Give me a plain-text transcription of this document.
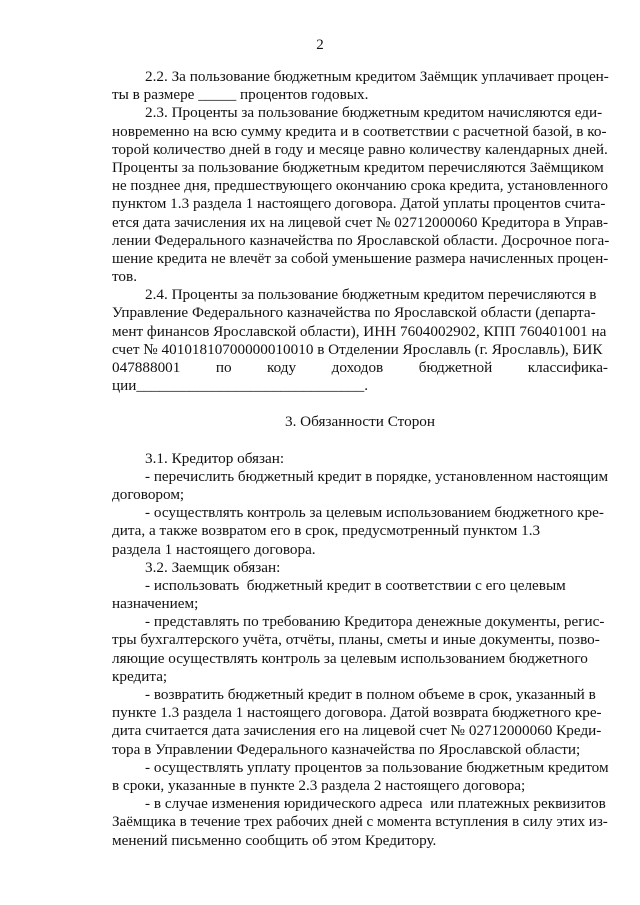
2
2.2. За пользование бюджетным кредитом Заёмщик уплачивает процен-
ты в размере _____ процентов годовых.
2.3. Проценты за пользование бюджетным кредитом начисляются еди-
новременно на всю сумму кредита и в соответствии с расчетной базой, в ко-
торой количество дней в году и месяце равно количеству календарных дней.
Проценты за пользование бюджетным кредитом перечисляются Заёмщиком
не позднее дня, предшествующего окончанию срока кредита, установленного
пунктом 1.3 раздела 1 настоящего договора. Датой уплаты процентов счита-
ется дата зачисления их на лицевой счет № 02712000060 Кредитора в Управ-
лении Федерального казначейства по Ярославской области. Досрочное пога-
шение кредита не влечёт за собой уменьшение размера начисленных процен-
тов.
2.4. Проценты за пользование бюджетным кредитом перечисляются в
Управление Федерального казначейства по Ярославской области (департа-
мент финансов Ярославской области), ИНН 7604002902, КПП 760401001 на
счет № 40101810700000010010 в Отделении Ярославль (г. Ярославль), БИК
047888001 по коду доходов бюджетной классифика-
ции______________________________.
3. Обязанности Сторон
3.1. Кредитор обязан:
- перечислить бюджетный кредит в порядке, установленном настоящим
договором;
- осуществлять контроль за целевым использованием бюджетного кре-
дита, а также возвратом его в срок, предусмотренный пунктом 1.3
раздела 1 настоящего договора.
3.2. Заемщик обязан:
- использовать  бюджетный кредит в соответствии с его целевым
назначением;
- представлять по требованию Кредитора денежные документы, регис-
тры бухгалтерского учёта, отчёты, планы, сметы и иные документы, позво-
ляющие осуществлять контроль за целевым использованием бюджетного
кредита;
- возвратить бюджетный кредит в полном объеме в срок, указанный в
пункте 1.3 раздела 1 настоящего договора. Датой возврата бюджетного кре-
дита считается дата зачисления его на лицевой счет № 02712000060 Креди-
тора в Управлении Федерального казначейства по Ярославской области;
- осуществлять уплату процентов за пользование бюджетным кредитом
в сроки, указанные в пункте 2.3 раздела 2 настоящего договора;
- в случае изменения юридического адреса  или платежных реквизитов
Заёмщика в течение трех рабочих дней с момента вступления в силу этих из-
менений письменно сообщить об этом Кредитору.
